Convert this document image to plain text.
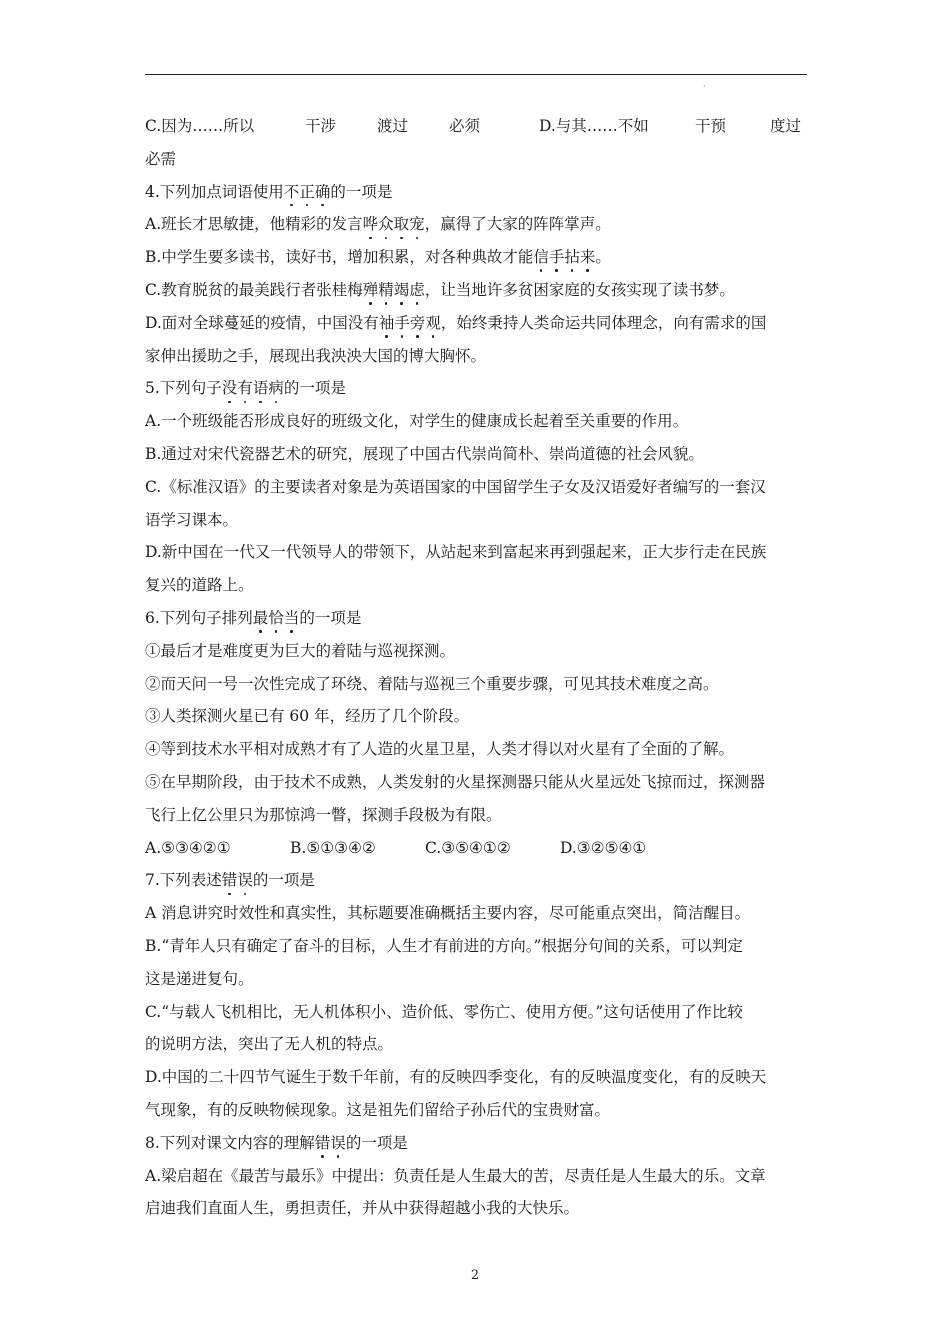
·
C.因为……所以	干涉	渡过	必须	D.与其……不如	干预	度过
必需
4.下列加点词语使用不正确的一项是
A.班长才思敏捷，他精彩的发言哗众取宠，赢得了大家的阵阵掌声。
B.中学生要多读书，读好书，增加积累，对各种典故才能信手拈来。
C.教育脱贫的最美践行者张桂梅殚精竭虑，让当地许多贫困家庭的女孩实现了读书梦。
D.面对全球蔓延的疫情，中国没有袖手旁观，始终秉持人类命运共同体理念，向有需求的国
家伸出援助之手，展现出我泱泱大国的博大胸怀。
5.下列句子没有语病的一项是
A.一个班级能否形成良好的班级文化，对学生的健康成长起着至关重要的作用。
B.通过对宋代瓷器艺术的研究，展现了中国古代崇尚简朴、崇尚道德的社会风貌。
C.《标准汉语》的主要读者对象是为英语国家的中国留学生子女及汉语爱好者编写的一套汉
语学习课本。
D.新中国在一代又一代领导人的带领下，从站起来到富起来再到强起来，正大步行走在民族
复兴的道路上。
6.下列句子排列最恰当的一项是
①最后才是难度更为巨大的着陆与巡视探测。
②而天问一号一次性完成了环绕、着陆与巡视三个重要步骤，可见其技术难度之高。
③人类探测火星已有 60 年，经历了几个阶段。
④等到技术水平相对成熟才有了人造的火星卫星，人类才得以对火星有了全面的了解。
⑤在早期阶段，由于技术不成熟，人类发射的火星探测器只能从火星远处飞掠而过，探测器
飞行上亿公里只为那惊鸿一瞥，探测手段极为有限。
A.⑤③④②①	B.⑤①③④②	C.③⑤④①②	D.③②⑤④①
7.下列表述错误的一项是
A 消息讲究时效性和真实性，其标题要准确概括主要内容，尽可能重点突出，简洁醒目。
B.“青年人只有确定了奋斗的目标，人生才有前进的方向。”根据分句间的关系，可以判定
这是递进复句。
C.“与载人飞机相比，无人机体积小、造价低、零伤亡、使用方便。”这句话使用了作比较
的说明方法，突出了无人机的特点。
D.中国的二十四节气诞生于数千年前，有的反映四季变化，有的反映温度变化，有的反映天
气现象，有的反映物候现象。这是祖先们留给子孙后代的宝贵财富。
8.下列对课文内容的理解错误的一项是
A.梁启超在《最苦与最乐》中提出：负责任是人生最大的苦，尽责任是人生最大的乐。文章
启迪我们直面人生，勇担责任，并从中获得超越小我的大快乐。
2
